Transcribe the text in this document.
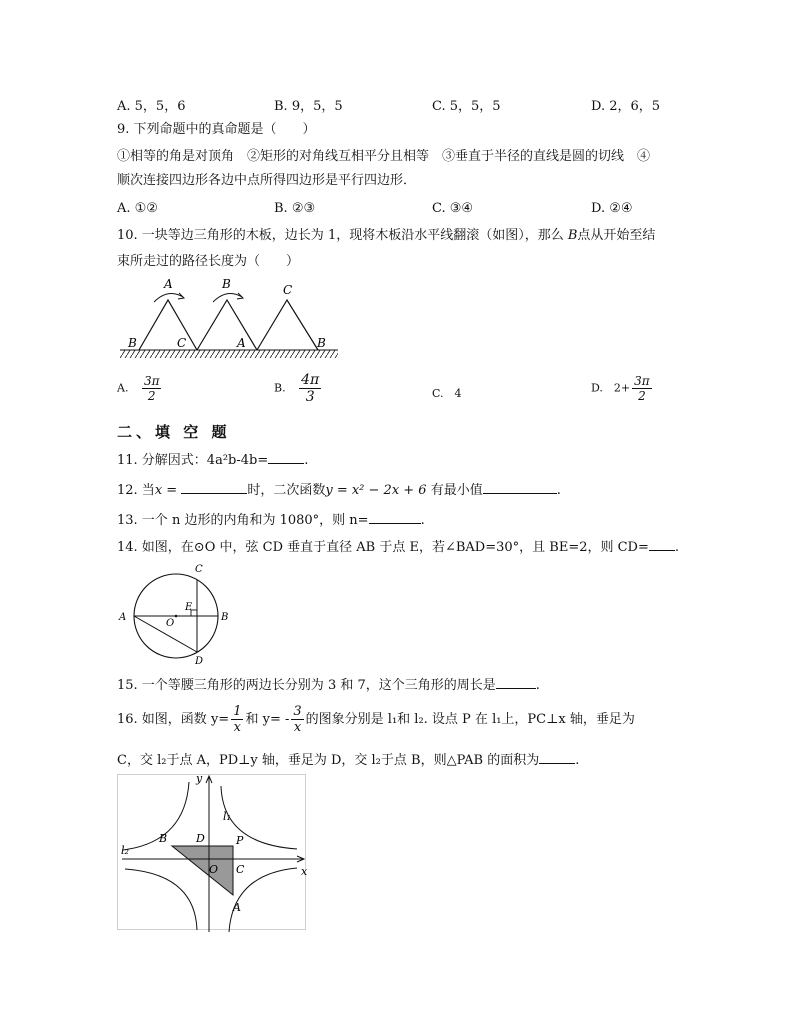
A. 5，5，6	B. 9，5，5	C. 5，5，5	D. 2，6，5
9. 下列命题中的真命题是（　　）
①相等的角是对顶角　②矩形的对角线互相平分且相等　③垂直于半径的直线是圆的切线　④
顺次连接四边形各边中点所得四边形是平行四边形．
A. ①②	B. ②③	C. ③④	D. ②④
10. 一块等边三角形的木板，边长为 1，现将木板沿水平线翻滚（如图），那么 B点从开始至结
束所走过的路径长度为（　　）
A	B	C
B	C	A	B
A. $\frac{3\pi}{2}$	B. $\frac{4\pi}{3}$	C.　4	D.　$2+ \frac{3\pi}{2}$
二、填 空 题
11. 分解因式：4a²b-4b=	.
12. 当x =	时，二次函数y = x² − 2x + 6 有最小值	.
13. 一个 n 边形的内角和为 1080°，则 n=	.
14. 如图，在⊙O 中，弦 CD 垂直于直径 AB 于点 E，若∠BAD=30°，且 BE=2，则 CD= .
C
E
A
O
B
D
15. 一个等腰三角形的两边长分别为 3 和 7，这个三角形的周长是	.
16. 如图，函数 $y= \frac{1}{x}$ 和 $y= - \frac{3}{x}$ 的图象分别是 l₁和 l₂. 设点 P 在 l₁上，PC⊥x 轴，垂足为
C，交 l₂于点 A，PD⊥y 轴，垂足为 D，交 l₂于点 B，则△PAB 的面积为	.
y
x
l₁
l₂
B	D	P
O C
A
